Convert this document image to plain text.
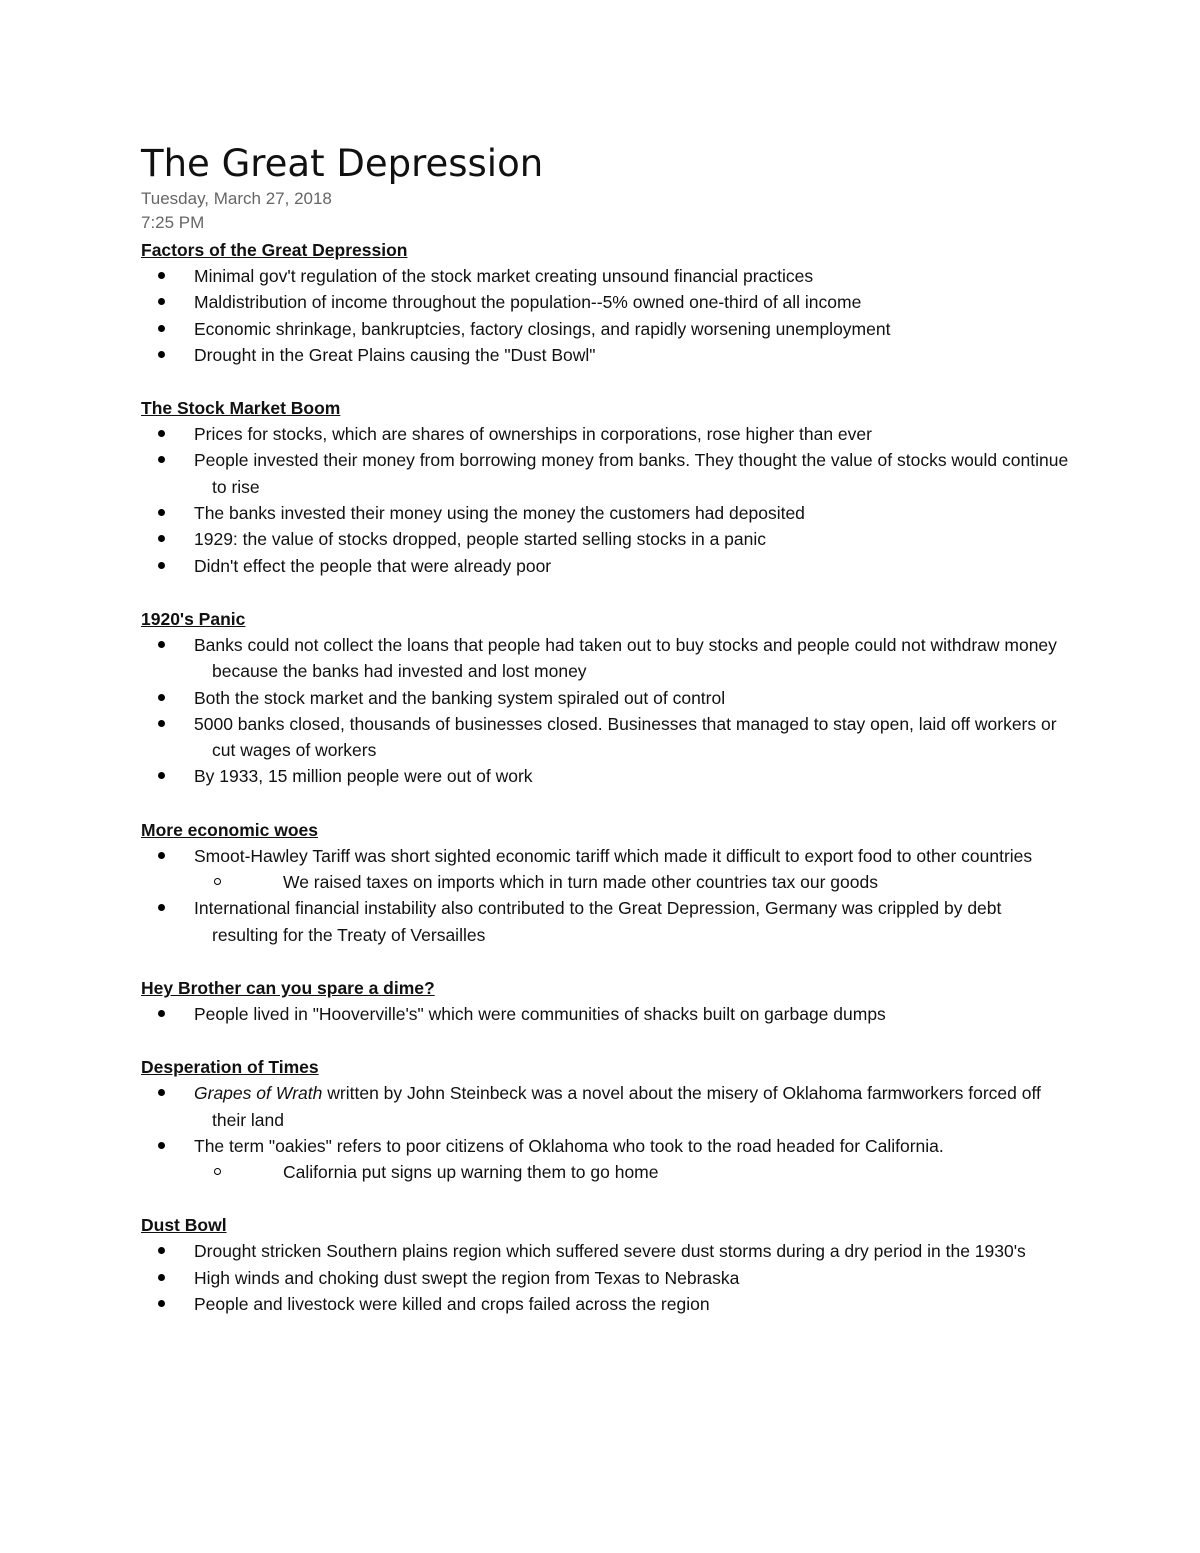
The Great Depression
Tuesday, March 27, 2018
7:25 PM
Factors of the Great Depression
Minimal gov't regulation of the stock market creating unsound financial practices
Maldistribution of income throughout the population--5% owned one-third of all income
Economic shrinkage, bankruptcies, factory closings, and rapidly worsening unemployment
Drought in the Great Plains causing the "Dust Bowl"
The Stock Market Boom
Prices for stocks, which are shares of ownerships in corporations, rose higher than ever
People invested their money from borrowing money from banks. They thought the value of stocks would continue to rise
The banks invested their money using the money the customers had deposited
1929: the value of stocks dropped, people started selling stocks in a panic
Didn't effect the people that were already poor
1920's Panic
Banks could not collect the loans that people had taken out to buy stocks and people could not withdraw money because the banks had invested and lost money
Both the stock market and the banking system spiraled out of control
5000 banks closed, thousands of businesses closed. Businesses that managed to stay open, laid off workers or cut wages of workers
By 1933, 15 million people were out of work
More economic woes
Smoot-Hawley Tariff was short sighted economic tariff which made it difficult to export food to other countries
We raised taxes on imports which in turn made other countries tax our goods
International financial instability also contributed to the Great Depression, Germany was crippled by debt resulting for the Treaty of Versailles
Hey Brother can you spare a dime?
People lived in "Hooverville's" which were communities of shacks built on garbage dumps
Desperation of Times
Grapes of Wrath written by John Steinbeck was a novel about the misery of Oklahoma farmworkers forced off their land
The term "oakies" refers to poor citizens of Oklahoma who took to the road headed for California.
California put signs up warning them to go home
Dust Bowl
Drought stricken Southern plains region which suffered severe dust storms during a dry period in the 1930's
High winds and choking dust swept the region from Texas to Nebraska
People and livestock were killed and crops failed across the region
